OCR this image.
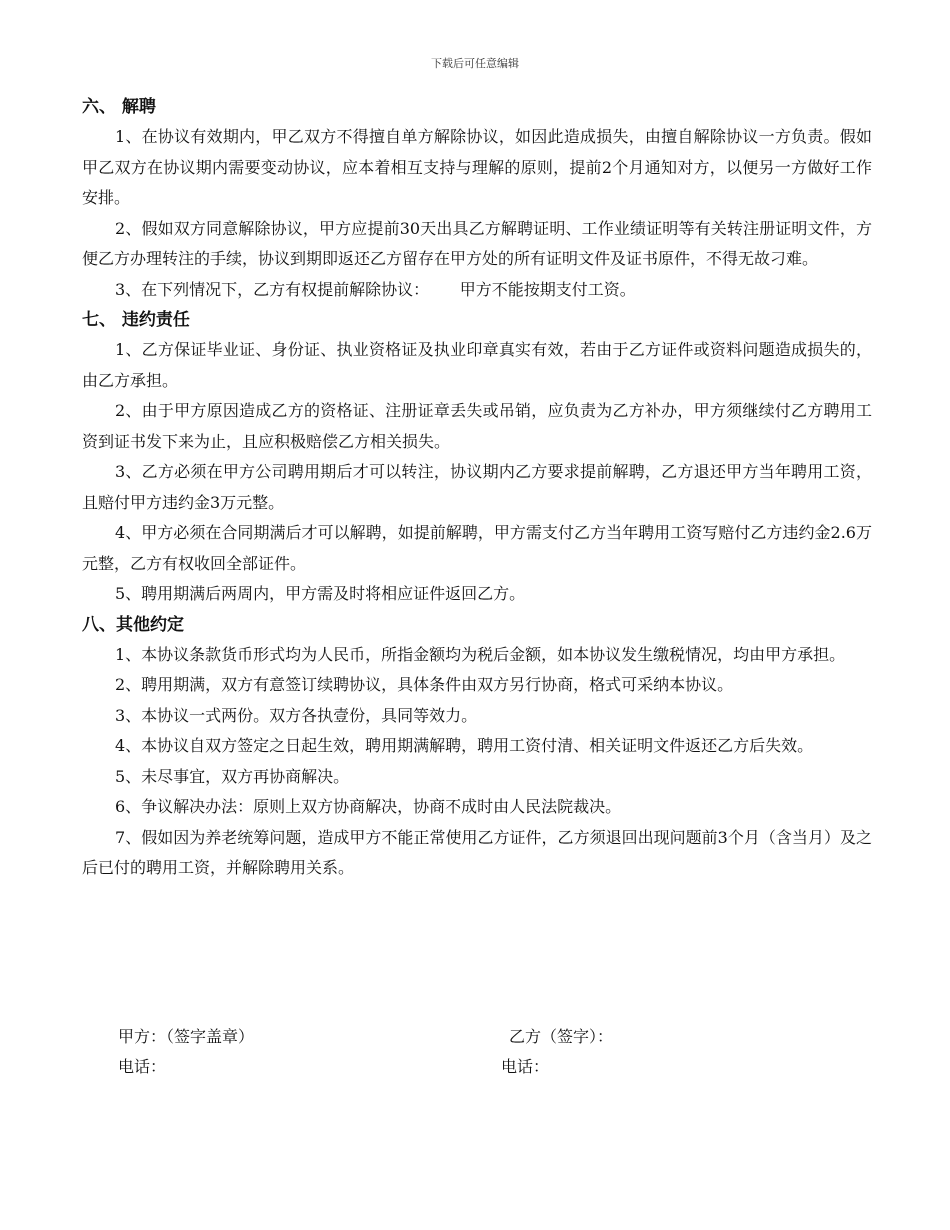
下载后可任意编辑

六、 解聘

1、在协议有效期内，甲乙双方不得擅自单方解除协议，如因此造成损失，由擅自解除协议一方负责。假如甲乙双方在协议期内需要变动协议，应本着相互支持与理解的原则，提前2个月通知对方，以便另一方做好工作安排。

2、假如双方同意解除协议，甲方应提前30天出具乙方解聘证明、工作业绩证明等有关转注册证明文件，方便乙方办理转注的手续，协议到期即返还乙方留存在甲方处的所有证明文件及证书原件，不得无故刁难。

3、在下列情况下，乙方有权提前解除协议：      甲方不能按期支付工资。

七、 违约责任

1、乙方保证毕业证、身份证、执业资格证及执业印章真实有效，若由于乙方证件或资料问题造成损失的，由乙方承担。

2、由于甲方原因造成乙方的资格证、注册证章丢失或吊销，应负责为乙方补办，甲方须继续付乙方聘用工资到证书发下来为止，且应积极赔偿乙方相关损失。

3、乙方必须在甲方公司聘用期后才可以转注，协议期内乙方要求提前解聘，乙方退还甲方当年聘用工资，且赔付甲方违约金3万元整。

4、甲方必须在合同期满后才可以解聘，如提前解聘，甲方需支付乙方当年聘用工资写赔付乙方违约金2.6万元整，乙方有权收回全部证件。

5、聘用期满后两周内，甲方需及时将相应证件返回乙方。

八、其他约定

1、本协议条款货币形式均为人民币，所指金额均为税后金额，如本协议发生缴税情况，均由甲方承担。

2、聘用期满，双方有意签订续聘协议，具体条件由双方另行协商，格式可采纳本协议。

3、本协议一式两份。双方各执壹份，具同等效力。

4、本协议自双方签定之日起生效，聘用期满解聘，聘用工资付清、相关证明文件返还乙方后失效。

5、未尽事宜，双方再协商解决。

6、争议解决办法：原则上双方协商解决，协商不成时由人民法院裁决。

7、假如因为养老统筹问题，造成甲方不能正常使用乙方证件，乙方须退回出现问题前3个月（含当月）及之后已付的聘用工资，并解除聘用关系。

甲方：（签字盖章）	乙方（签字）：
电话：	电话：
